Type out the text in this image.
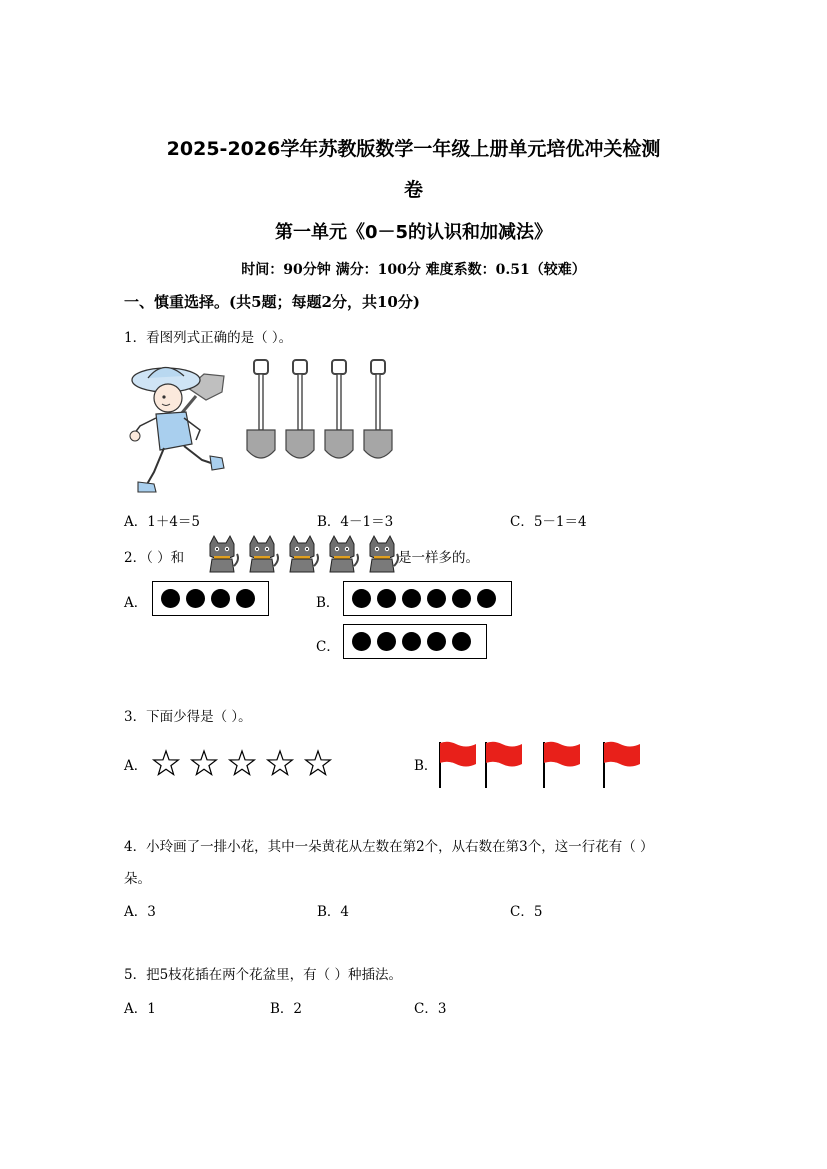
2025-2026学年苏教版数学一年级上册单元培优冲关检测
卷
第一单元《0－5的认识和加减法》
时间：90分钟 满分：100分 难度系数：0.51（较难）
一、慎重选择。(共5题；每题2分，共10分)
1．看图列式正确的是（ ）。
A．1＋4＝5	B．4－1＝3	C．5－1＝4
2．（ ）和	是一样多的。
A．	B．
C．
3．下面少得是（ ）。
A．	B．
4．小玲画了一排小花，其中一朵黄花从左数在第2个，从右数在第3个，这一行花有（ ）
朵。
A．3	B．4	C．5
5．把5枝花插在两个花盆里，有（ ）种插法。
A．1	B．2	C．3
